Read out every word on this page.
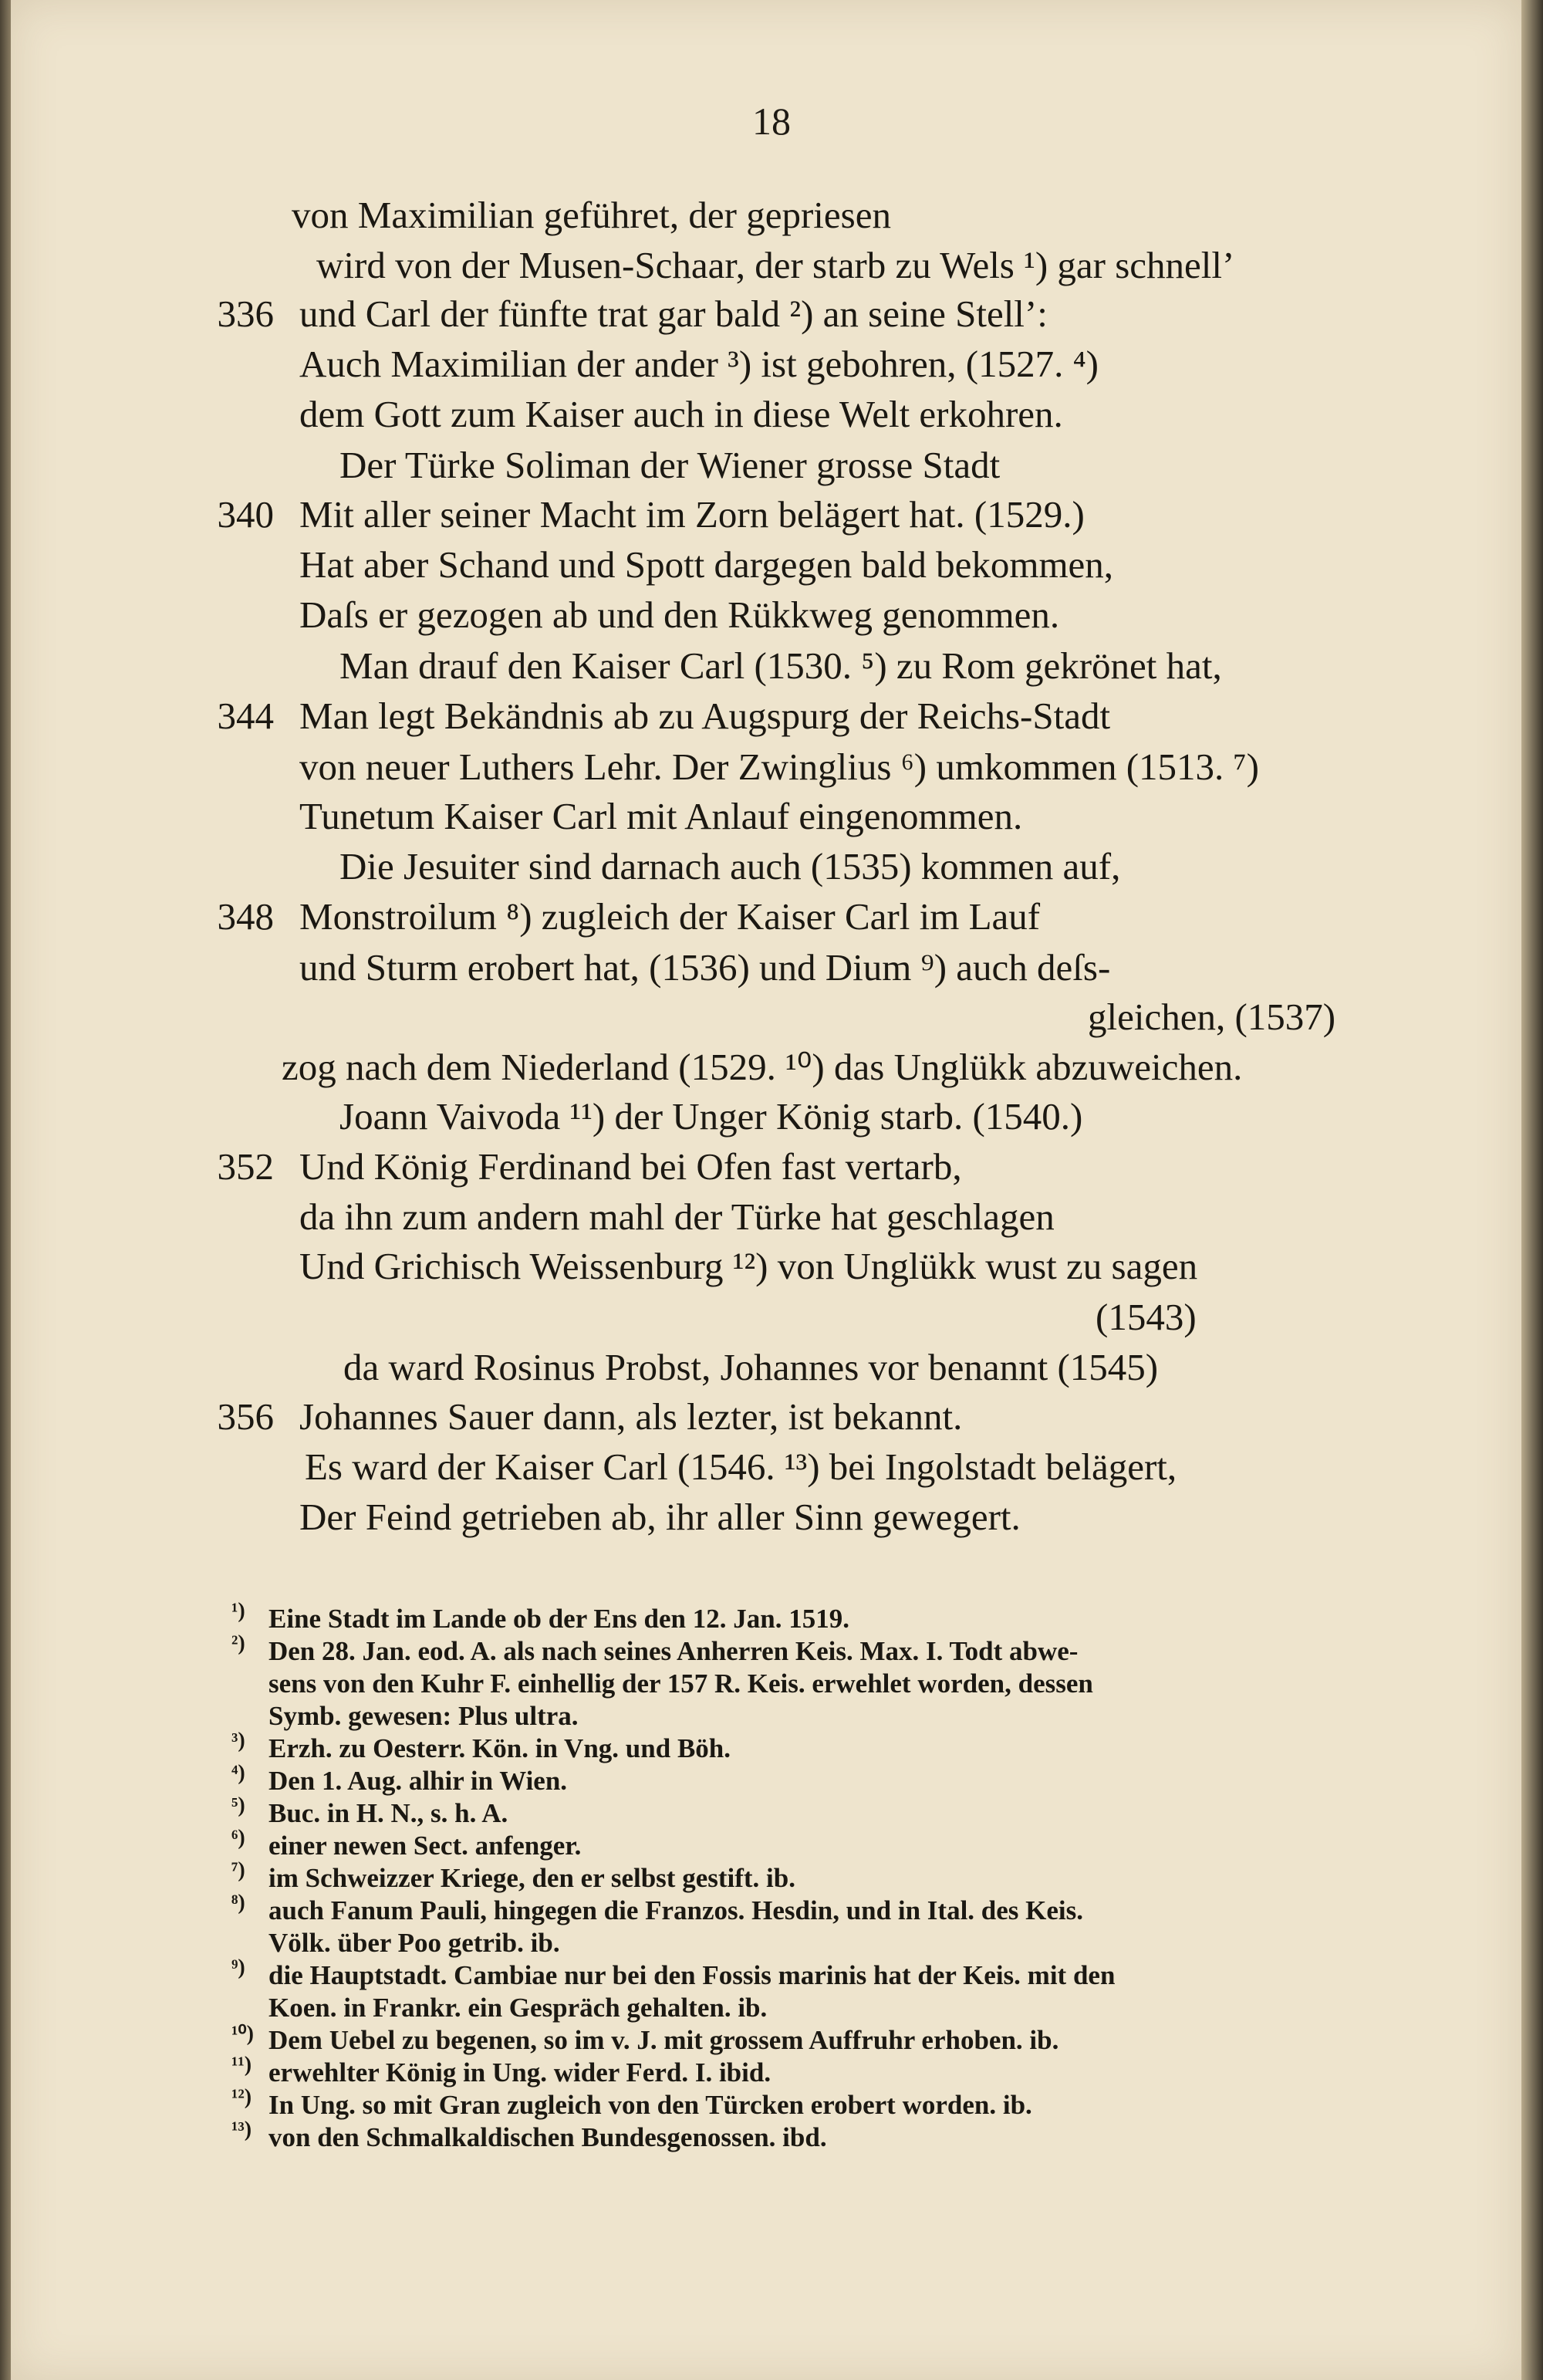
18
von Maximilian geführet, der gepriesen
wird von der Musen-Schaar, der starb zu Wels ¹) gar schnell’
336 und Carl der fünfte trat gar bald ²) an seine Stell’:
Auch Maximilian der ander ³) ist gebohren, (1527. ⁴)
dem Gott zum Kaiser auch in diese Welt erkohren.
Der Türke Soliman der Wiener grosse Stadt
340 Mit aller seiner Macht im Zorn belägert hat. (1529.)
Hat aber Schand und Spott dargegen bald bekommen,
Daſs er gezogen ab und den Rükkweg genommen.
Man drauf den Kaiser Carl (1530. ⁵) zu Rom gekrönet hat,
344 Man legt Bekändnis ab zu Augspurg der Reichs-Stadt
von neuer Luthers Lehr. Der Zwinglius ⁶) umkommen (1513. ⁷)
Tunetum Kaiser Carl mit Anlauf eingenommen.
Die Jesuiter sind darnach auch (1535) kommen auf,
348 Monstroilum ⁸) zugleich der Kaiser Carl im Lauf
und Sturm erobert hat, (1536) und Dium ⁹) auch deſs-
gleichen, (1537)
zog nach dem Niederland (1529. ¹⁰) das Unglükk abzuweichen.
Joann Vaivoda ¹¹) der Unger König starb. (1540.)
352 Und König Ferdinand bei Ofen fast vertarb,
da ihn zum andern mahl der Türke hat geschlagen
Und Grichisch Weissenburg ¹²) von Unglükk wust zu sagen
(1543)
da ward Rosinus Probst, Johannes vor benannt (1545)
356 Johannes Sauer dann, als lezter, ist bekannt.
Es ward der Kaiser Carl (1546. ¹³) bei Ingolstadt belägert,
Der Feind getrieben ab, ihr aller Sinn gewegert.
¹) Eine Stadt im Lande ob der Ens den 12. Jan. 1519.
²) Den 28. Jan. eod. A. als nach seines Anherren Keis. Max. I. Todt abwe-
sens von den Kuhr F. einhellig der 157 R. Keis. erwehlet worden, dessen
Symb. gewesen: Plus ultra.
³) Erzh. zu Oesterr. Kön. in Vng. und Böh.
⁴) Den 1. Aug. alhir in Wien.
⁵) Buc. in H. N., s. h. A.
⁶) einer newen Sect. anfenger.
⁷) im Schweizzer Kriege, den er selbst gestift. ib.
⁸) auch Fanum Pauli, hingegen die Franzos. Hesdin, und in Ital. des Keis.
Völk. über Poo getrib. ib.
⁹) die Hauptstadt. Cambiae nur bei den Fossis marinis hat der Keis. mit den
Koen. in Frankr. ein Gespräch gehalten. ib.
¹⁰) Dem Uebel zu begenen, so im v. J. mit grossem Auffruhr erhoben. ib.
¹¹) erwehlter König in Ung. wider Ferd. I. ibid.
¹²) In Ung. so mit Gran zugleich von den Türcken erobert worden. ib.
¹³) von den Schmalkaldischen Bundesgenossen. ibd.
